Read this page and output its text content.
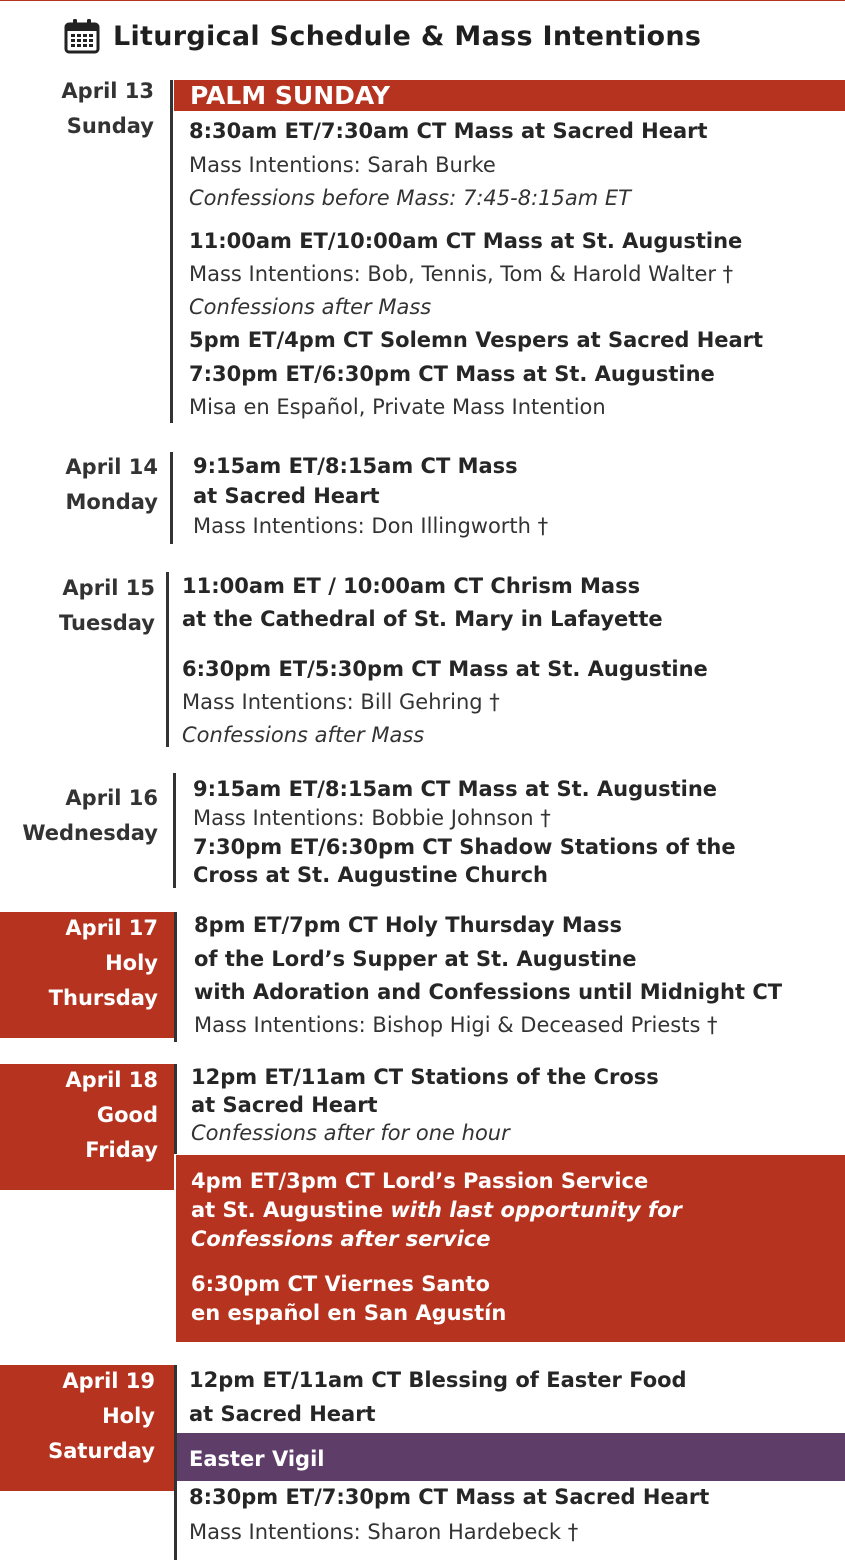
Liturgical Schedule & Mass Intentions
April 13
Sunday
PALM SUNDAY
8:30am ET/7:30am CT Mass at Sacred Heart
Mass Intentions: Sarah Burke
Confessions before Mass: 7:45-8:15am ET
11:00am ET/10:00am CT Mass at St. Augustine
Mass Intentions: Bob, Tennis, Tom & Harold Walter †
Confessions after Mass
5pm ET/4pm CT Solemn Vespers at Sacred Heart
7:30pm ET/6:30pm CT Mass at St. Augustine
Misa en Español, Private Mass Intention
April 14
Monday
9:15am ET/8:15am CT Mass
at Sacred Heart
Mass Intentions: Don Illingworth †
April 15
Tuesday
11:00am ET / 10:00am CT Chrism Mass
at the Cathedral of St. Mary in Lafayette
6:30pm ET/5:30pm CT Mass at St. Augustine
Mass Intentions: Bill Gehring †
Confessions after Mass
April 16
Wednesday
9:15am ET/8:15am CT Mass at St. Augustine
Mass Intentions: Bobbie Johnson †
7:30pm ET/6:30pm CT Shadow Stations of the
Cross at St. Augustine Church
April 17
Holy
Thursday
8pm ET/7pm CT Holy Thursday Mass
of the Lord’s Supper at St. Augustine
with Adoration and Confessions until Midnight CT
Mass Intentions: Bishop Higi & Deceased Priests †
April 18
Good
Friday
12pm ET/11am CT Stations of the Cross
at Sacred Heart
Confessions after for one hour
4pm ET/3pm CT Lord’s Passion Service
at St. Augustine with last opportunity for
Confessions after service
6:30pm CT Viernes Santo
en español en San Agustín
April 19
Holy
Saturday
12pm ET/11am CT Blessing of Easter Food
at Sacred Heart
Easter Vigil
8:30pm ET/7:30pm CT Mass at Sacred Heart
Mass Intentions: Sharon Hardebeck †
